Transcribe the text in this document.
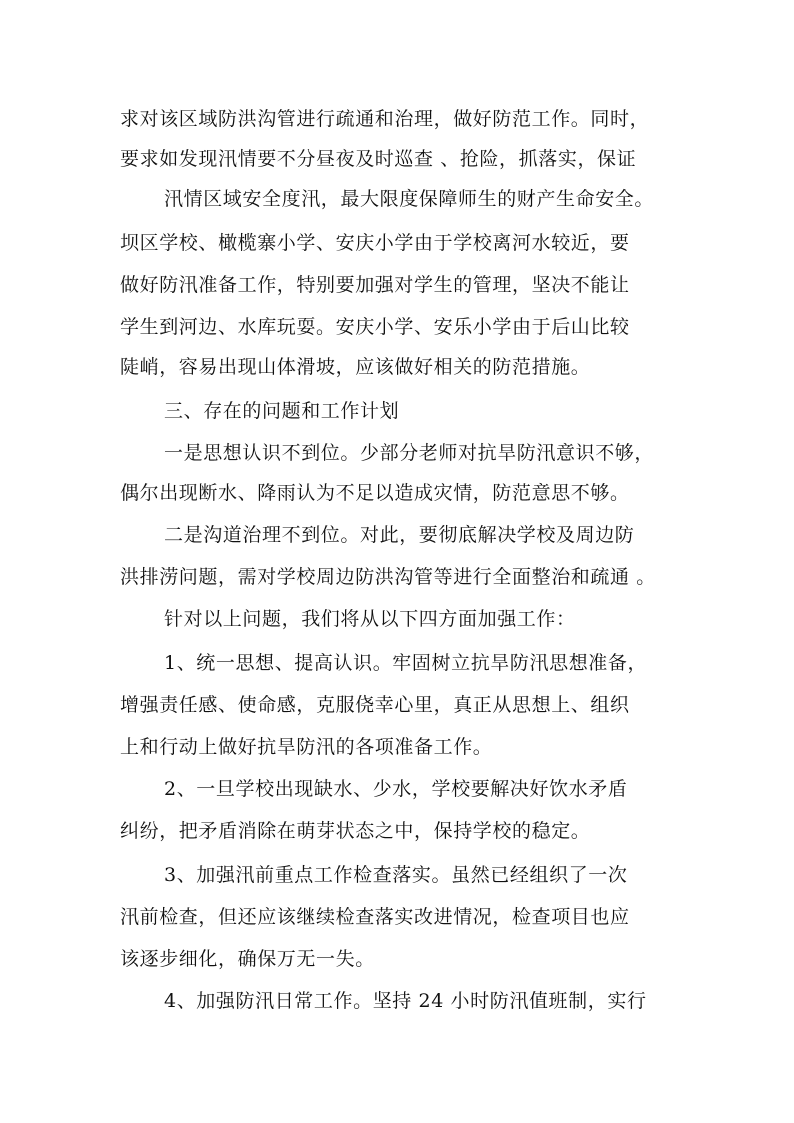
求对该区域防洪沟管进行疏通和治理，做好防范工作。同时，
要求如发现汛情要不分昼夜及时巡查 、抢险，抓落实，保证
汛情区域安全度汛，最大限度保障师生的财产生命安全。
坝区学校、橄榄寨小学、安庆小学由于学校离河水较近，要
做好防汛准备工作，特别要加强对学生的管理，坚决不能让
学生到河边、水库玩耍。安庆小学、安乐小学由于后山比较
陡峭，容易出现山体滑坡，应该做好相关的防范措施。
三、存在的问题和工作计划
一是思想认识不到位。少部分老师对抗旱防汛意识不够，
偶尔出现断水、降雨认为不足以造成灾情，防范意思不够。
二是沟道治理不到位。对此，要彻底解决学校及周边防
洪排涝问题，需对学校周边防洪沟管等进行全面整治和疏通 。
针对以上问题，我们将从以下四方面加强工作：
1、统一思想、提高认识。牢固树立抗旱防汛思想准备，
增强责任感、使命感，克服侥幸心里，真正从思想上、组织
上和行动上做好抗旱防汛的各项准备工作。
2、一旦学校出现缺水、少水，学校要解决好饮水矛盾
纠纷，把矛盾消除在萌芽状态之中，保持学校的稳定。
3、加强汛前重点工作检查落实。虽然已经组织了一次
汛前检查，但还应该继续检查落实改进情况，检查项目也应
该逐步细化，确保万无一失。
4、加强防汛日常工作。坚持 24 小时防汛值班制，实行
